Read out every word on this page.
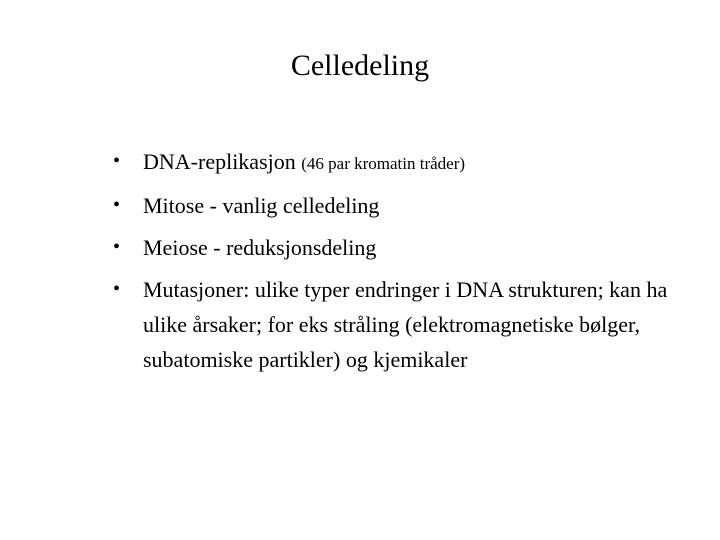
Celledeling
• DNA-replikasjon (46 par kromatin tråder)
• Mitose - vanlig celledeling
• Meiose - reduksjonsdeling
• Mutasjoner: ulike typer endringer i DNA strukturen; kan ha ulike årsaker; for eks stråling (elektromagnetiske bølger, subatomiske partikler) og kjemikaler
